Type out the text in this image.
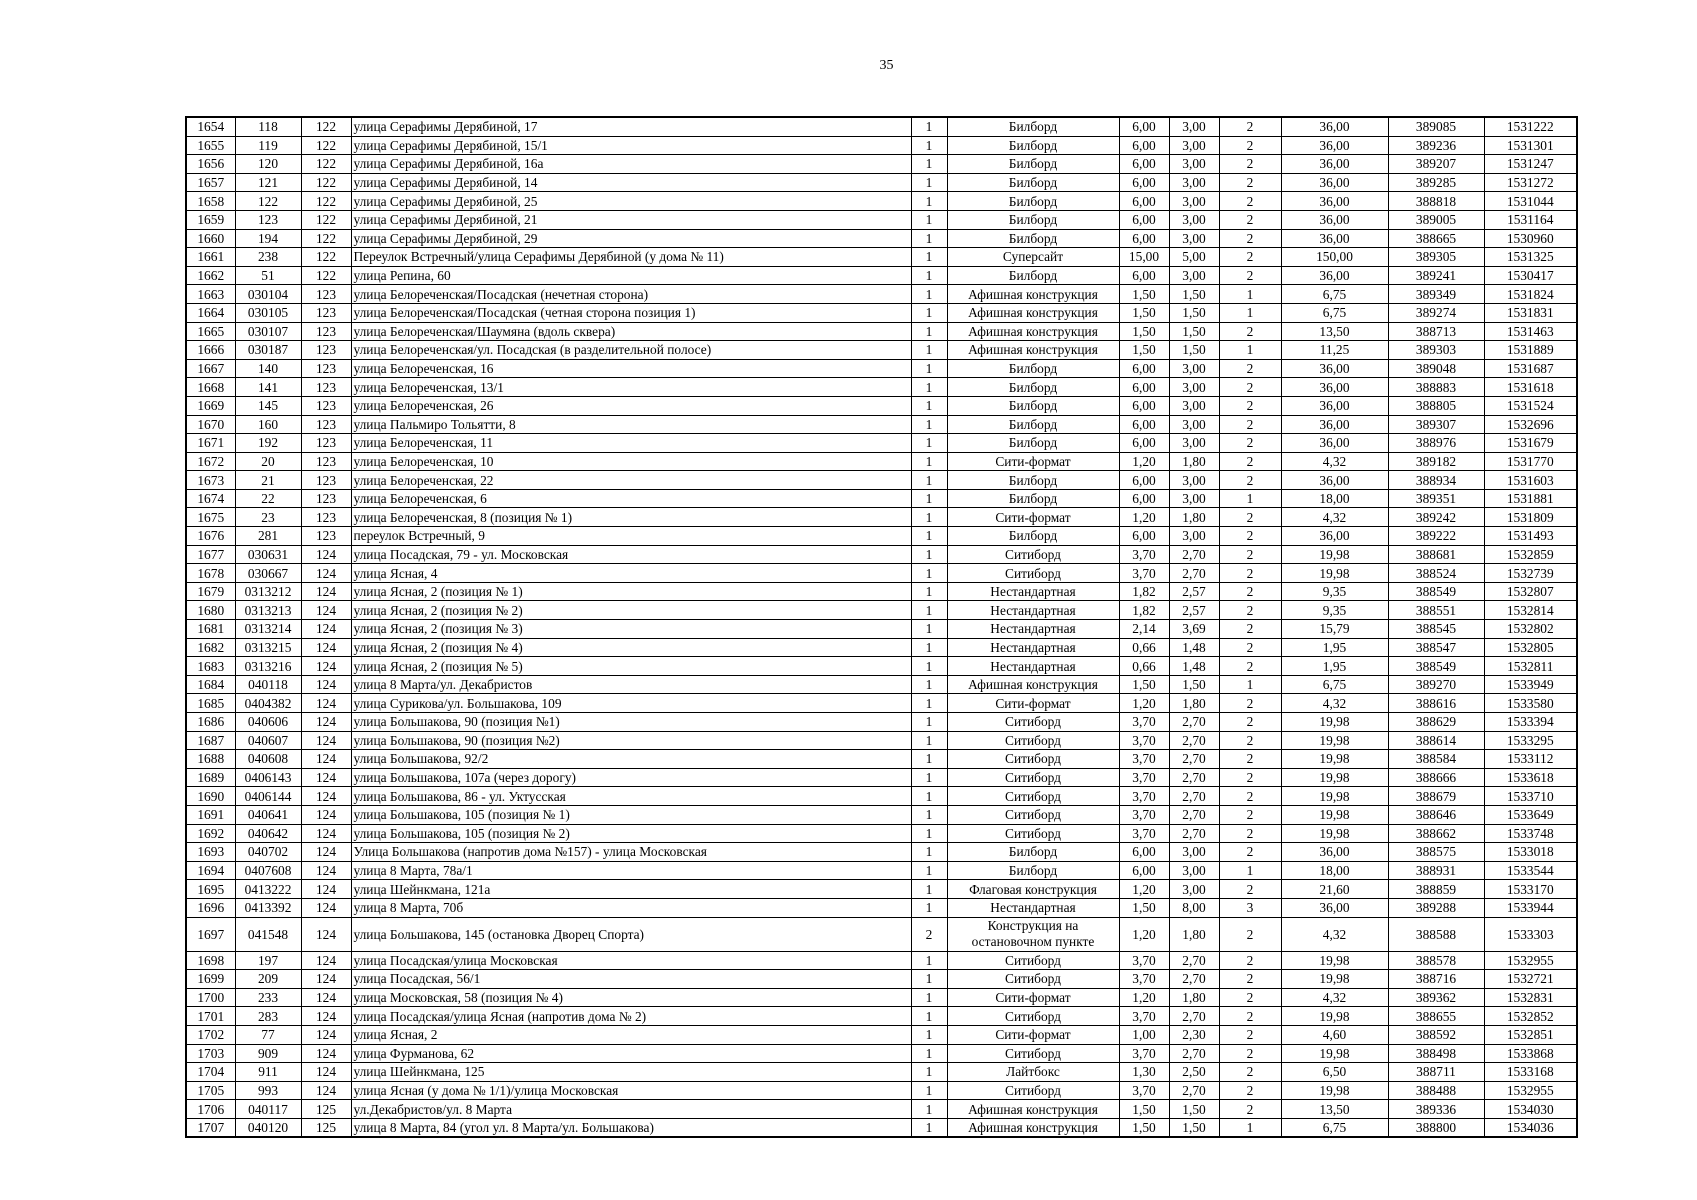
35
1654	118	122	улица Серафимы Дерябиной, 17	1	Билборд	6,00	3,00	2	36,00	389085	1531222
1655	119	122	улица Серафимы Дерябиной, 15/1	1	Билборд	6,00	3,00	2	36,00	389236	1531301
1656	120	122	улица Серафимы Дерябиной, 16а	1	Билборд	6,00	3,00	2	36,00	389207	1531247
1657	121	122	улица Серафимы Дерябиной, 14	1	Билборд	6,00	3,00	2	36,00	389285	1531272
1658	122	122	улица Серафимы Дерябиной, 25	1	Билборд	6,00	3,00	2	36,00	388818	1531044
1659	123	122	улица Серафимы Дерябиной, 21	1	Билборд	6,00	3,00	2	36,00	389005	1531164
1660	194	122	улица Серафимы Дерябиной, 29	1	Билборд	6,00	3,00	2	36,00	388665	1530960
1661	238	122	Переулок Встречный/улица Серафимы Дерябиной (у дома № 11)	1	Суперсайт	15,00	5,00	2	150,00	389305	1531325
1662	51	122	улица Репина, 60	1	Билборд	6,00	3,00	2	36,00	389241	1530417
1663	030104	123	улица Белореченская/Посадская (нечетная сторона)	1	Афишная конструкция	1,50	1,50	1	6,75	389349	1531824
1664	030105	123	улица Белореченская/Посадская (четная сторона позиция 1)	1	Афишная конструкция	1,50	1,50	1	6,75	389274	1531831
1665	030107	123	улица Белореченская/Шаумяна (вдоль сквера)	1	Афишная конструкция	1,50	1,50	2	13,50	388713	1531463
1666	030187	123	улица Белореченская/ул. Посадская (в разделительной полосе)	1	Афишная конструкция	1,50	1,50	1	11,25	389303	1531889
1667	140	123	улица Белореченская, 16	1	Билборд	6,00	3,00	2	36,00	389048	1531687
1668	141	123	улица Белореченская, 13/1	1	Билборд	6,00	3,00	2	36,00	388883	1531618
1669	145	123	улица Белореченская, 26	1	Билборд	6,00	3,00	2	36,00	388805	1531524
1670	160	123	улица Пальмиро Тольятти, 8	1	Билборд	6,00	3,00	2	36,00	389307	1532696
1671	192	123	улица Белореченская, 11	1	Билборд	6,00	3,00	2	36,00	388976	1531679
1672	20	123	улица Белореченская, 10	1	Сити-формат	1,20	1,80	2	4,32	389182	1531770
1673	21	123	улица Белореченская, 22	1	Билборд	6,00	3,00	2	36,00	388934	1531603
1674	22	123	улица Белореченская, 6	1	Билборд	6,00	3,00	1	18,00	389351	1531881
1675	23	123	улица Белореченская, 8 (позиция № 1)	1	Сити-формат	1,20	1,80	2	4,32	389242	1531809
1676	281	123	переулок Встречный, 9	1	Билборд	6,00	3,00	2	36,00	389222	1531493
1677	030631	124	улица Посадская, 79 - ул. Московская	1	Ситиборд	3,70	2,70	2	19,98	388681	1532859
1678	030667	124	улица Ясная, 4	1	Ситиборд	3,70	2,70	2	19,98	388524	1532739
1679	0313212	124	улица Ясная, 2 (позиция № 1)	1	Нестандартная	1,82	2,57	2	9,35	388549	1532807
1680	0313213	124	улица Ясная, 2 (позиция № 2)	1	Нестандартная	1,82	2,57	2	9,35	388551	1532814
1681	0313214	124	улица Ясная, 2 (позиция № 3)	1	Нестандартная	2,14	3,69	2	15,79	388545	1532802
1682	0313215	124	улица Ясная, 2 (позиция № 4)	1	Нестандартная	0,66	1,48	2	1,95	388547	1532805
1683	0313216	124	улица Ясная, 2 (позиция № 5)	1	Нестандартная	0,66	1,48	2	1,95	388549	1532811
1684	040118	124	улица 8 Марта/ул. Декабристов	1	Афишная конструкция	1,50	1,50	1	6,75	389270	1533949
1685	0404382	124	улица Сурикова/ул. Большакова, 109	1	Сити-формат	1,20	1,80	2	4,32	388616	1533580
1686	040606	124	улица Большакова, 90 (позиция №1)	1	Ситиборд	3,70	2,70	2	19,98	388629	1533394
1687	040607	124	улица Большакова, 90 (позиция №2)	1	Ситиборд	3,70	2,70	2	19,98	388614	1533295
1688	040608	124	улица Большакова, 92/2	1	Ситиборд	3,70	2,70	2	19,98	388584	1533112
1689	0406143	124	улица Большакова, 107а (через дорогу)	1	Ситиборд	3,70	2,70	2	19,98	388666	1533618
1690	0406144	124	улица Большакова, 86 - ул. Уктусская	1	Ситиборд	3,70	2,70	2	19,98	388679	1533710
1691	040641	124	улица Большакова, 105 (позиция № 1)	1	Ситиборд	3,70	2,70	2	19,98	388646	1533649
1692	040642	124	улица Большакова, 105 (позиция № 2)	1	Ситиборд	3,70	2,70	2	19,98	388662	1533748
1693	040702	124	Улица Большакова (напротив дома №157) - улица Московская	1	Билборд	6,00	3,00	2	36,00	388575	1533018
1694	0407608	124	улица 8 Марта, 78а/1	1	Билборд	6,00	3,00	1	18,00	388931	1533544
1695	0413222	124	улица Шейнкмана, 121а	1	Флаговая конструкция	1,20	3,00	2	21,60	388859	1533170
1696	0413392	124	улица 8 Марта, 70б	1	Нестандартная	1,50	8,00	3	36,00	389288	1533944
1697	041548	124	улица Большакова, 145 (остановка Дворец Спорта)	2	Конструкция на остановочном пункте	1,20	1,80	2	4,32	388588	1533303
1698	197	124	улица Посадская/улица Московская	1	Ситиборд	3,70	2,70	2	19,98	388578	1532955
1699	209	124	улица Посадская, 56/1	1	Ситиборд	3,70	2,70	2	19,98	388716	1532721
1700	233	124	улица Московская, 58 (позиция № 4)	1	Сити-формат	1,20	1,80	2	4,32	389362	1532831
1701	283	124	улица Посадская/улица Ясная (напротив дома № 2)	1	Ситиборд	3,70	2,70	2	19,98	388655	1532852
1702	77	124	улица Ясная, 2	1	Сити-формат	1,00	2,30	2	4,60	388592	1532851
1703	909	124	улица Фурманова, 62	1	Ситиборд	3,70	2,70	2	19,98	388498	1533868
1704	911	124	улица Шейнкмана, 125	1	Лайтбокс	1,30	2,50	2	6,50	388711	1533168
1705	993	124	улица Ясная (у дома № 1/1)/улица Московская	1	Ситиборд	3,70	2,70	2	19,98	388488	1532955
1706	040117	125	ул.Декабристов/ул. 8 Марта	1	Афишная конструкция	1,50	1,50	2	13,50	389336	1534030
1707	040120	125	улица 8 Марта, 84 (угол ул. 8 Марта/ул. Большакова)	1	Афишная конструкция	1,50	1,50	1	6,75	388800	1534036
